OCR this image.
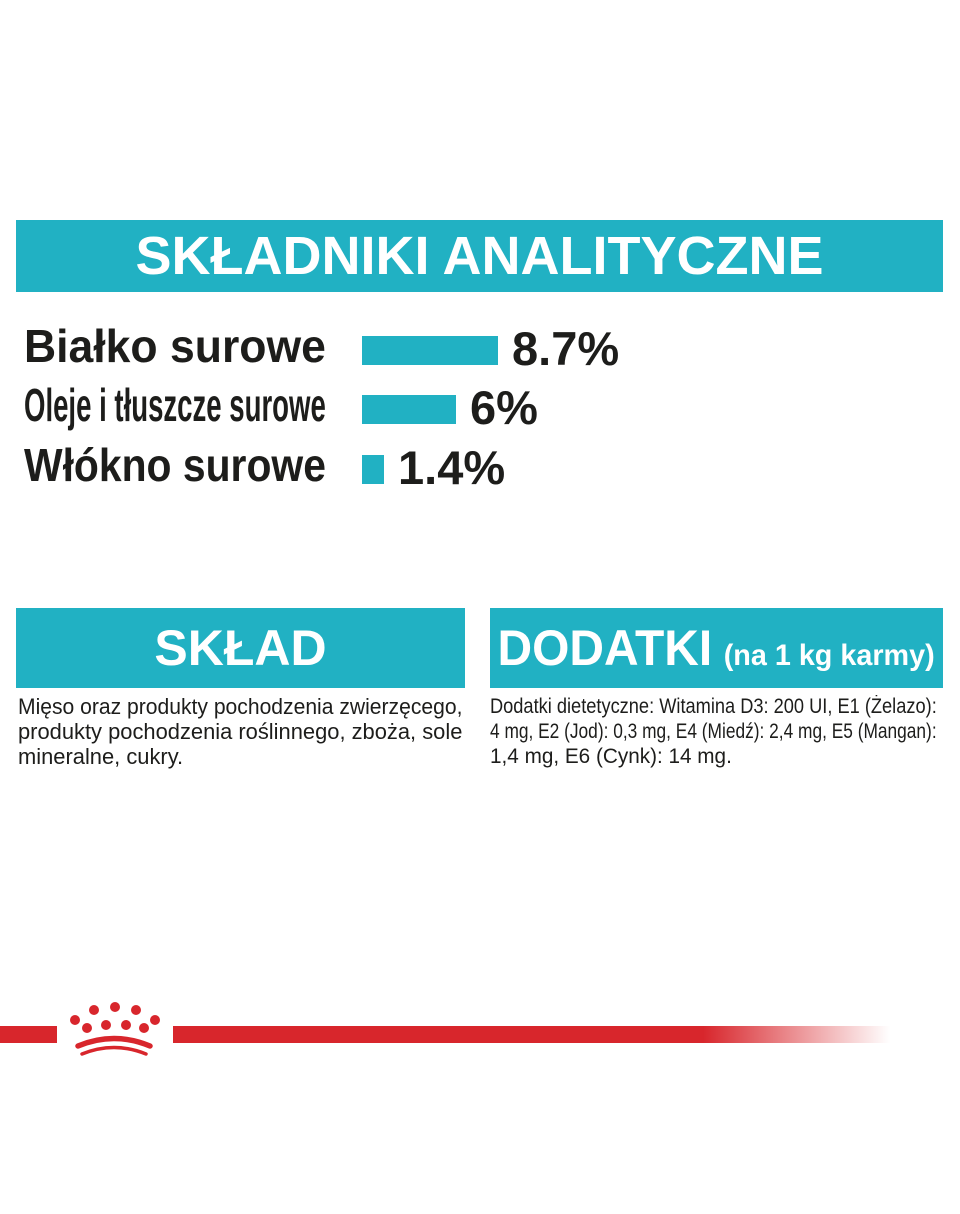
SKŁADNIKI ANALITYCZNE
Białko surowe	8.7%
Oleje i tłuszcze surowe	6%
Włókno surowe 1.4%
SKŁAD
Mięso oraz produkty pochodzenia zwierzęcego,
produkty pochodzenia roślinnego, zboża, sole
mineralne, cukry.
DODATKI (na 1 kg karmy)
Dodatki dietetyczne: Witamina D3: 200 UI, E1 (Żelazo):
4 mg, E2 (Jod): 0,3 mg, E4 (Miedź): 2,4 mg, E5 (Mangan):
1,4 mg, E6 (Cynk): 14 mg.
